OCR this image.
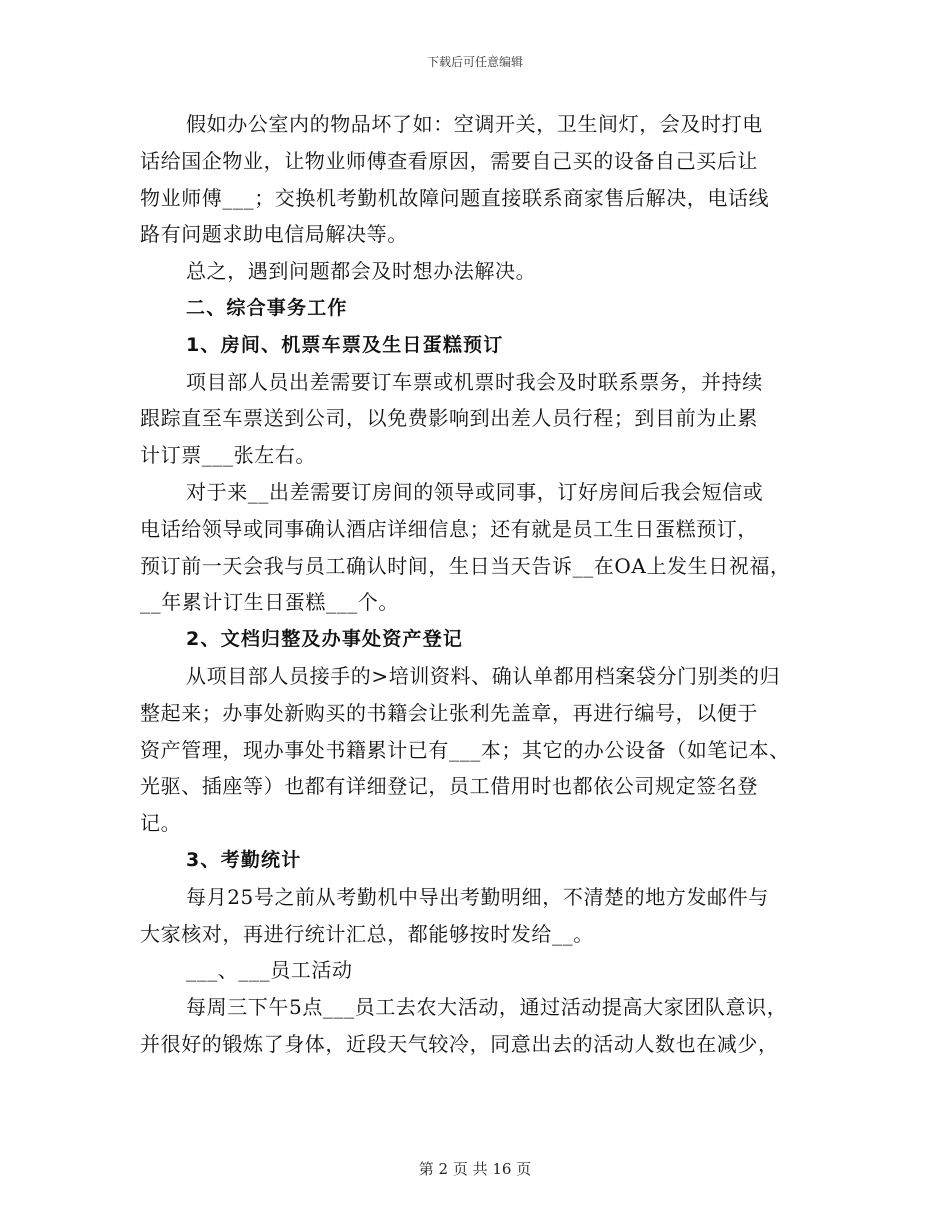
下载后可任意编辑
假如办公室内的物品坏了如：空调开关，卫生间灯，会及时打电
话给国企物业，让物业师傅查看原因，需要自己买的设备自己买后让
物业师傅___；交换机考勤机故障问题直接联系商家售后解决，电话线
路有问题求助电信局解决等。
总之，遇到问题都会及时想办法解决。
二、综合事务工作
1、房间、机票车票及生日蛋糕预订
项目部人员出差需要订车票或机票时我会及时联系票务，并持续
跟踪直至车票送到公司，以免费影响到出差人员行程；到目前为止累
计订票___张左右。
对于来__出差需要订房间的领导或同事，订好房间后我会短信或
电话给领导或同事确认酒店详细信息；还有就是员工生日蛋糕预订，
预订前一天会我与员工确认时间，生日当天告诉__在OA上发生日祝福，
__年累计订生日蛋糕___个。
2、文档归整及办事处资产登记
从项目部人员接手的>培训资料、确认单都用档案袋分门别类的归
整起来；办事处新购买的书籍会让张利先盖章，再进行编号，以便于
资产管理，现办事处书籍累计已有___本；其它的办公设备（如笔记本、
光驱、插座等）也都有详细登记，员工借用时也都依公司规定签名登
记。
3、考勤统计
每月25号之前从考勤机中导出考勤明细，不清楚的地方发邮件与
大家核对，再进行统计汇总，都能够按时发给__。
___、___员工活动
每周三下午5点___员工去农大活动，通过活动提高大家团队意识，
并很好的锻炼了身体，近段天气较冷，同意出去的活动人数也在减少，
第 2 页 共 16 页
